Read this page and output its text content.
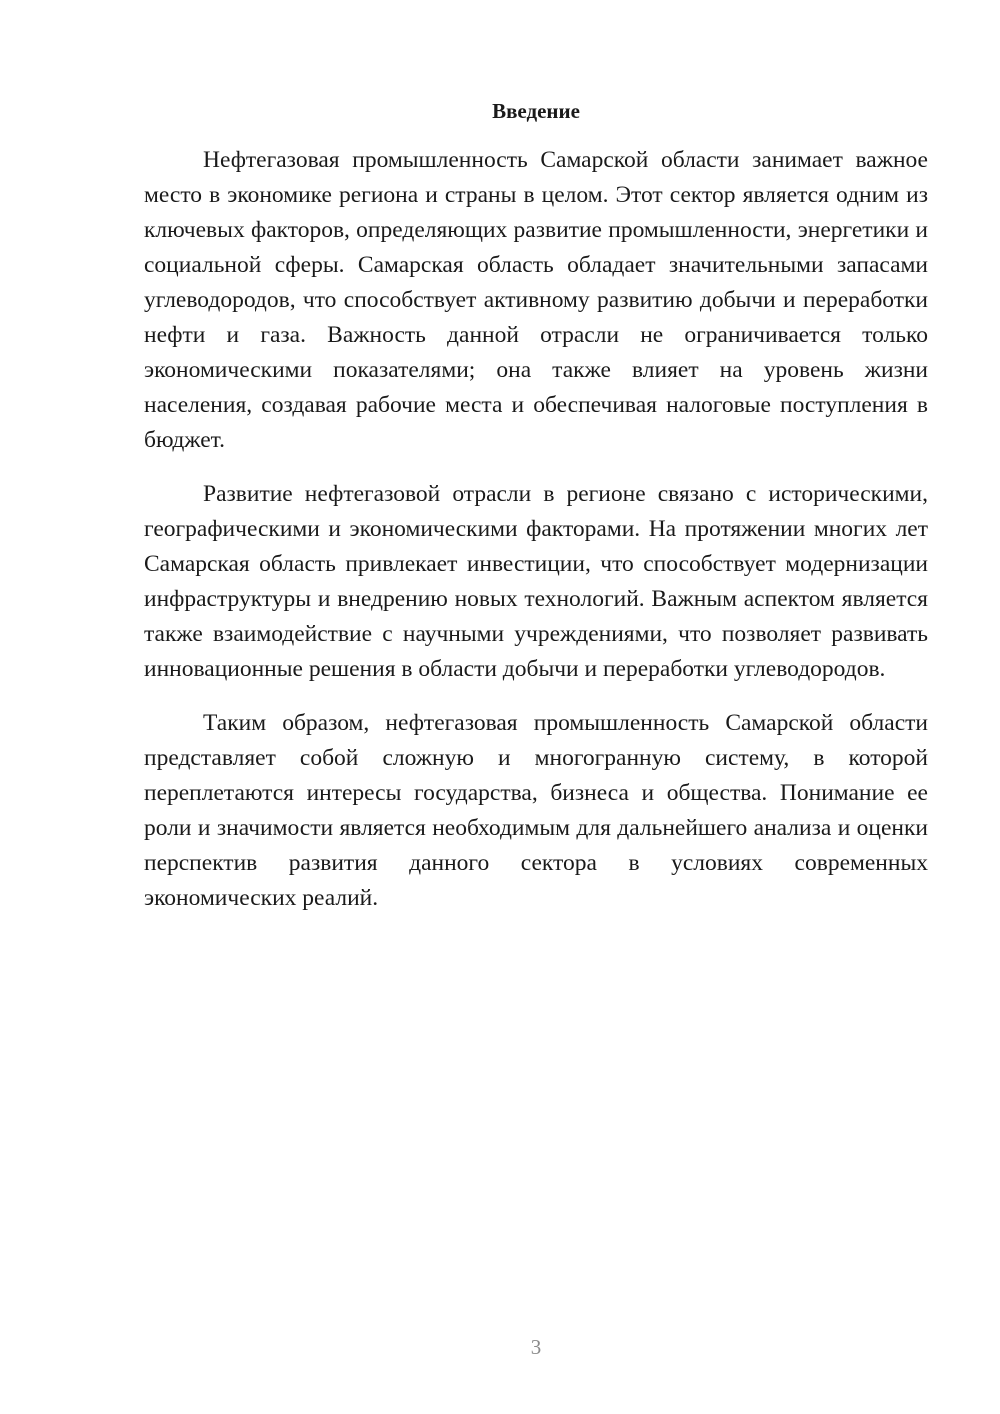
Введение

Нефтегазовая промышленность Самарской области занимает важное место в экономике региона и страны в целом. Этот сектор является одним из ключевых факторов, определяющих развитие промышленности, энергетики и социальной сферы. Самарская область обладает значительными запасами углеводородов, что способствует активному развитию добычи и переработки нефти и газа. Важность данной отрасли не ограничивается только экономическими показателями; она также влияет на уровень жизни населения, создавая рабочие места и обеспечивая налоговые поступления в бюджет.

Развитие нефтегазовой отрасли в регионе связано с историческими, географическими и экономическими факторами. На протяжении многих лет Самарская область привлекает инвестиции, что способствует модернизации инфраструктуры и внедрению новых технологий. Важным аспектом является также взаимодействие с научными учреждениями, что позволяет развивать инновационные решения в области добычи и переработки углеводородов.

Таким образом, нефтегазовая промышленность Самарской области представляет собой сложную и многогранную систему, в которой переплетаются интересы государства, бизнеса и общества. Понимание ее роли и значимости является необходимым для дальнейшего анализа и оценки перспектив развития данного сектора в условиях современных экономических реалий.

3
